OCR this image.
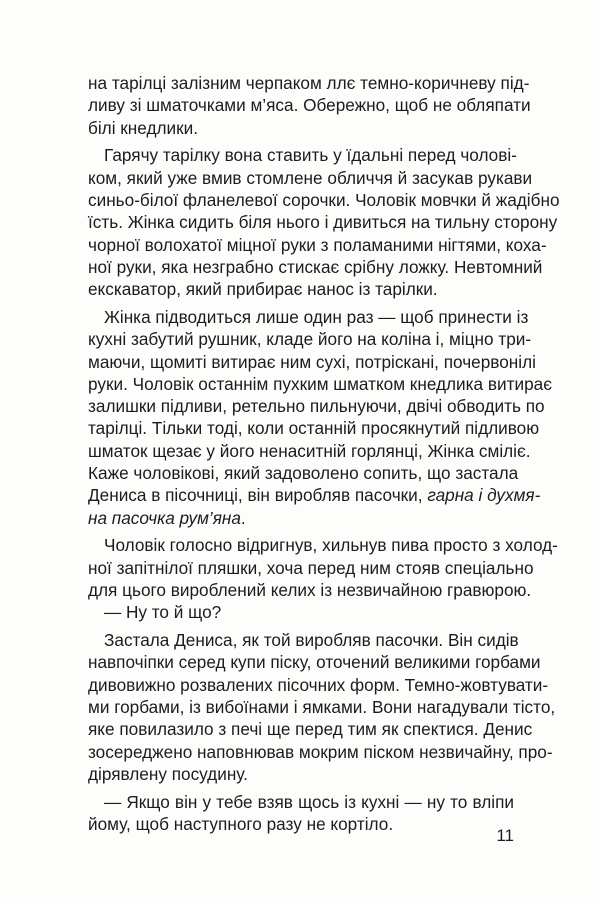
на тарілці залізним черпаком ллє темно-коричневу під-
ливу зі шматочками м’яса. Обережно, щоб не обляпати
білі кнедлики.
Гарячу тарілку вона ставить у їдальні перед чолові-
ком, який уже вмив стомлене обличчя й засукав рукави
синьо-білої фланелевої сорочки. Чоловік мовчки й жадібно
їсть. Жінка сидить біля нього і дивиться на тильну сторону
чорної волохатої міцної руки з поламаними нігтями, коха-
ної руки, яка незграбно стискає срібну ложку. Невтомний
екскаватор, який прибирає нанос із тарілки.
Жінка підводиться лише один раз — щоб принести із
кухні забутий рушник, кладе його на коліна і, міцно три-
маючи, щомиті витирає ним сухі, потріскані, почервонілі
руки. Чоловік останнім пухким шматком кнедлика витирає
залишки підливи, ретельно пильнуючи, двічі обводить по
тарілці. Тільки тоді, коли останній просякнутий підливою
шматок щезає у його ненаситній горлянці, Жінка сміліє.
Каже чоловікові, який задоволено сопить, що застала
Дениса в пісочниці, він виробляв пасочки, гарна і духмя-
на пасочка рум’яна.
Чоловік голосно відригнув, хильнув пива просто з холод-
ної запітнілої пляшки, хоча перед ним стояв спеціально
для цього вироблений келих із незвичайною гравюрою.
— Ну то й що?
Застала Дениса, як той виробляв пасочки. Він сидів
навпочіпки серед купи піску, оточений великими горбами
дивовижно розвалених пісочних форм. Темно-жовтувати-
ми горбами, із вибоїнами і ямками. Вони нагадували тісто,
яке повилазило з печі ще перед тим як спектися. Денис
зосереджено наповнював мокрим піском незвичайну, про-
дірявлену посудину.
— Якщо він у тебе взяв щось із кухні — ну то вліпи
йому, щоб наступного разу не кортіло.
11
